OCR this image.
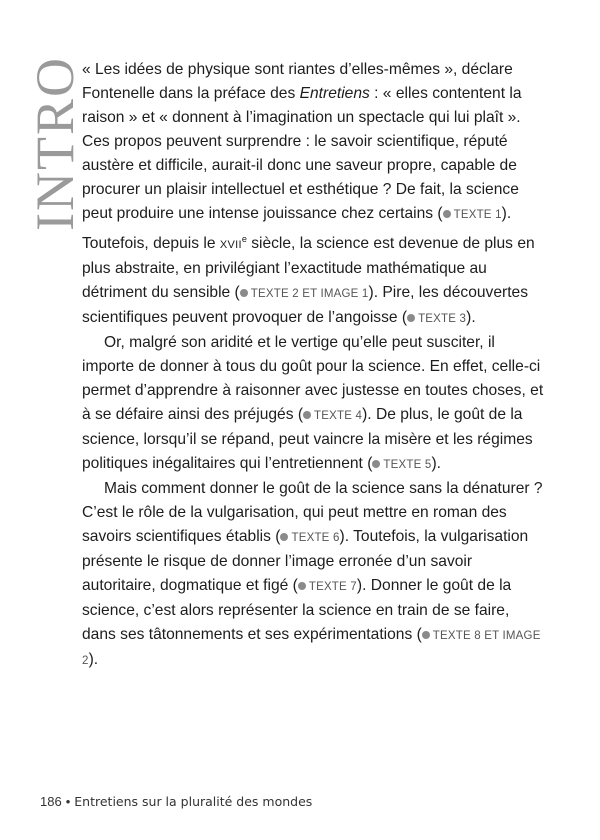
INTRO

« Les idées de physique sont riantes d’elles-mêmes », déclare Fontenelle dans la préface des Entretiens : « elles contentent la raison » et « donnent à l’imagination un spectacle qui lui plaît ». Ces propos peuvent surprendre : le savoir scientifique, réputé austère et difficile, aurait-il donc une saveur propre, capable de procurer un plaisir intellectuel et esthétique ? De fait, la science peut produire une intense jouissance chez certains ( TEXTE 1). Toutefois, depuis le XVIIe siècle, la science est devenue de plus en plus abstraite, en privilégiant l’exactitude mathématique au détriment du sensible ( TEXTE 2 ET IMAGE 1). Pire, les découvertes scientifiques peuvent provoquer de l’angoisse ( TEXTE 3).

Or, malgré son aridité et le vertige qu’elle peut susciter, il importe de donner à tous du goût pour la science. En effet, celle-ci permet d’apprendre à raisonner avec justesse en toutes choses, et à se défaire ainsi des préjugés ( TEXTE 4). De plus, le goût de la science, lorsqu’il se répand, peut vaincre la misère et les régimes politiques inégalitaires qui l’entretiennent ( TEXTE 5).

Mais comment donner le goût de la science sans la dénaturer ? C’est le rôle de la vulgarisation, qui peut mettre en roman des savoirs scientifiques établis ( TEXTE 6). Toutefois, la vulgarisation présente le risque de donner l’image erronée d’un savoir autoritaire, dogmatique et figé ( TEXTE 7). Donner le goût de la science, c’est alors représenter la science en train de se faire, dans ses tâtonnements et ses expérimentations ( TEXTE 8 ET IMAGE 2).

186 • Entretiens sur la pluralité des mondes
